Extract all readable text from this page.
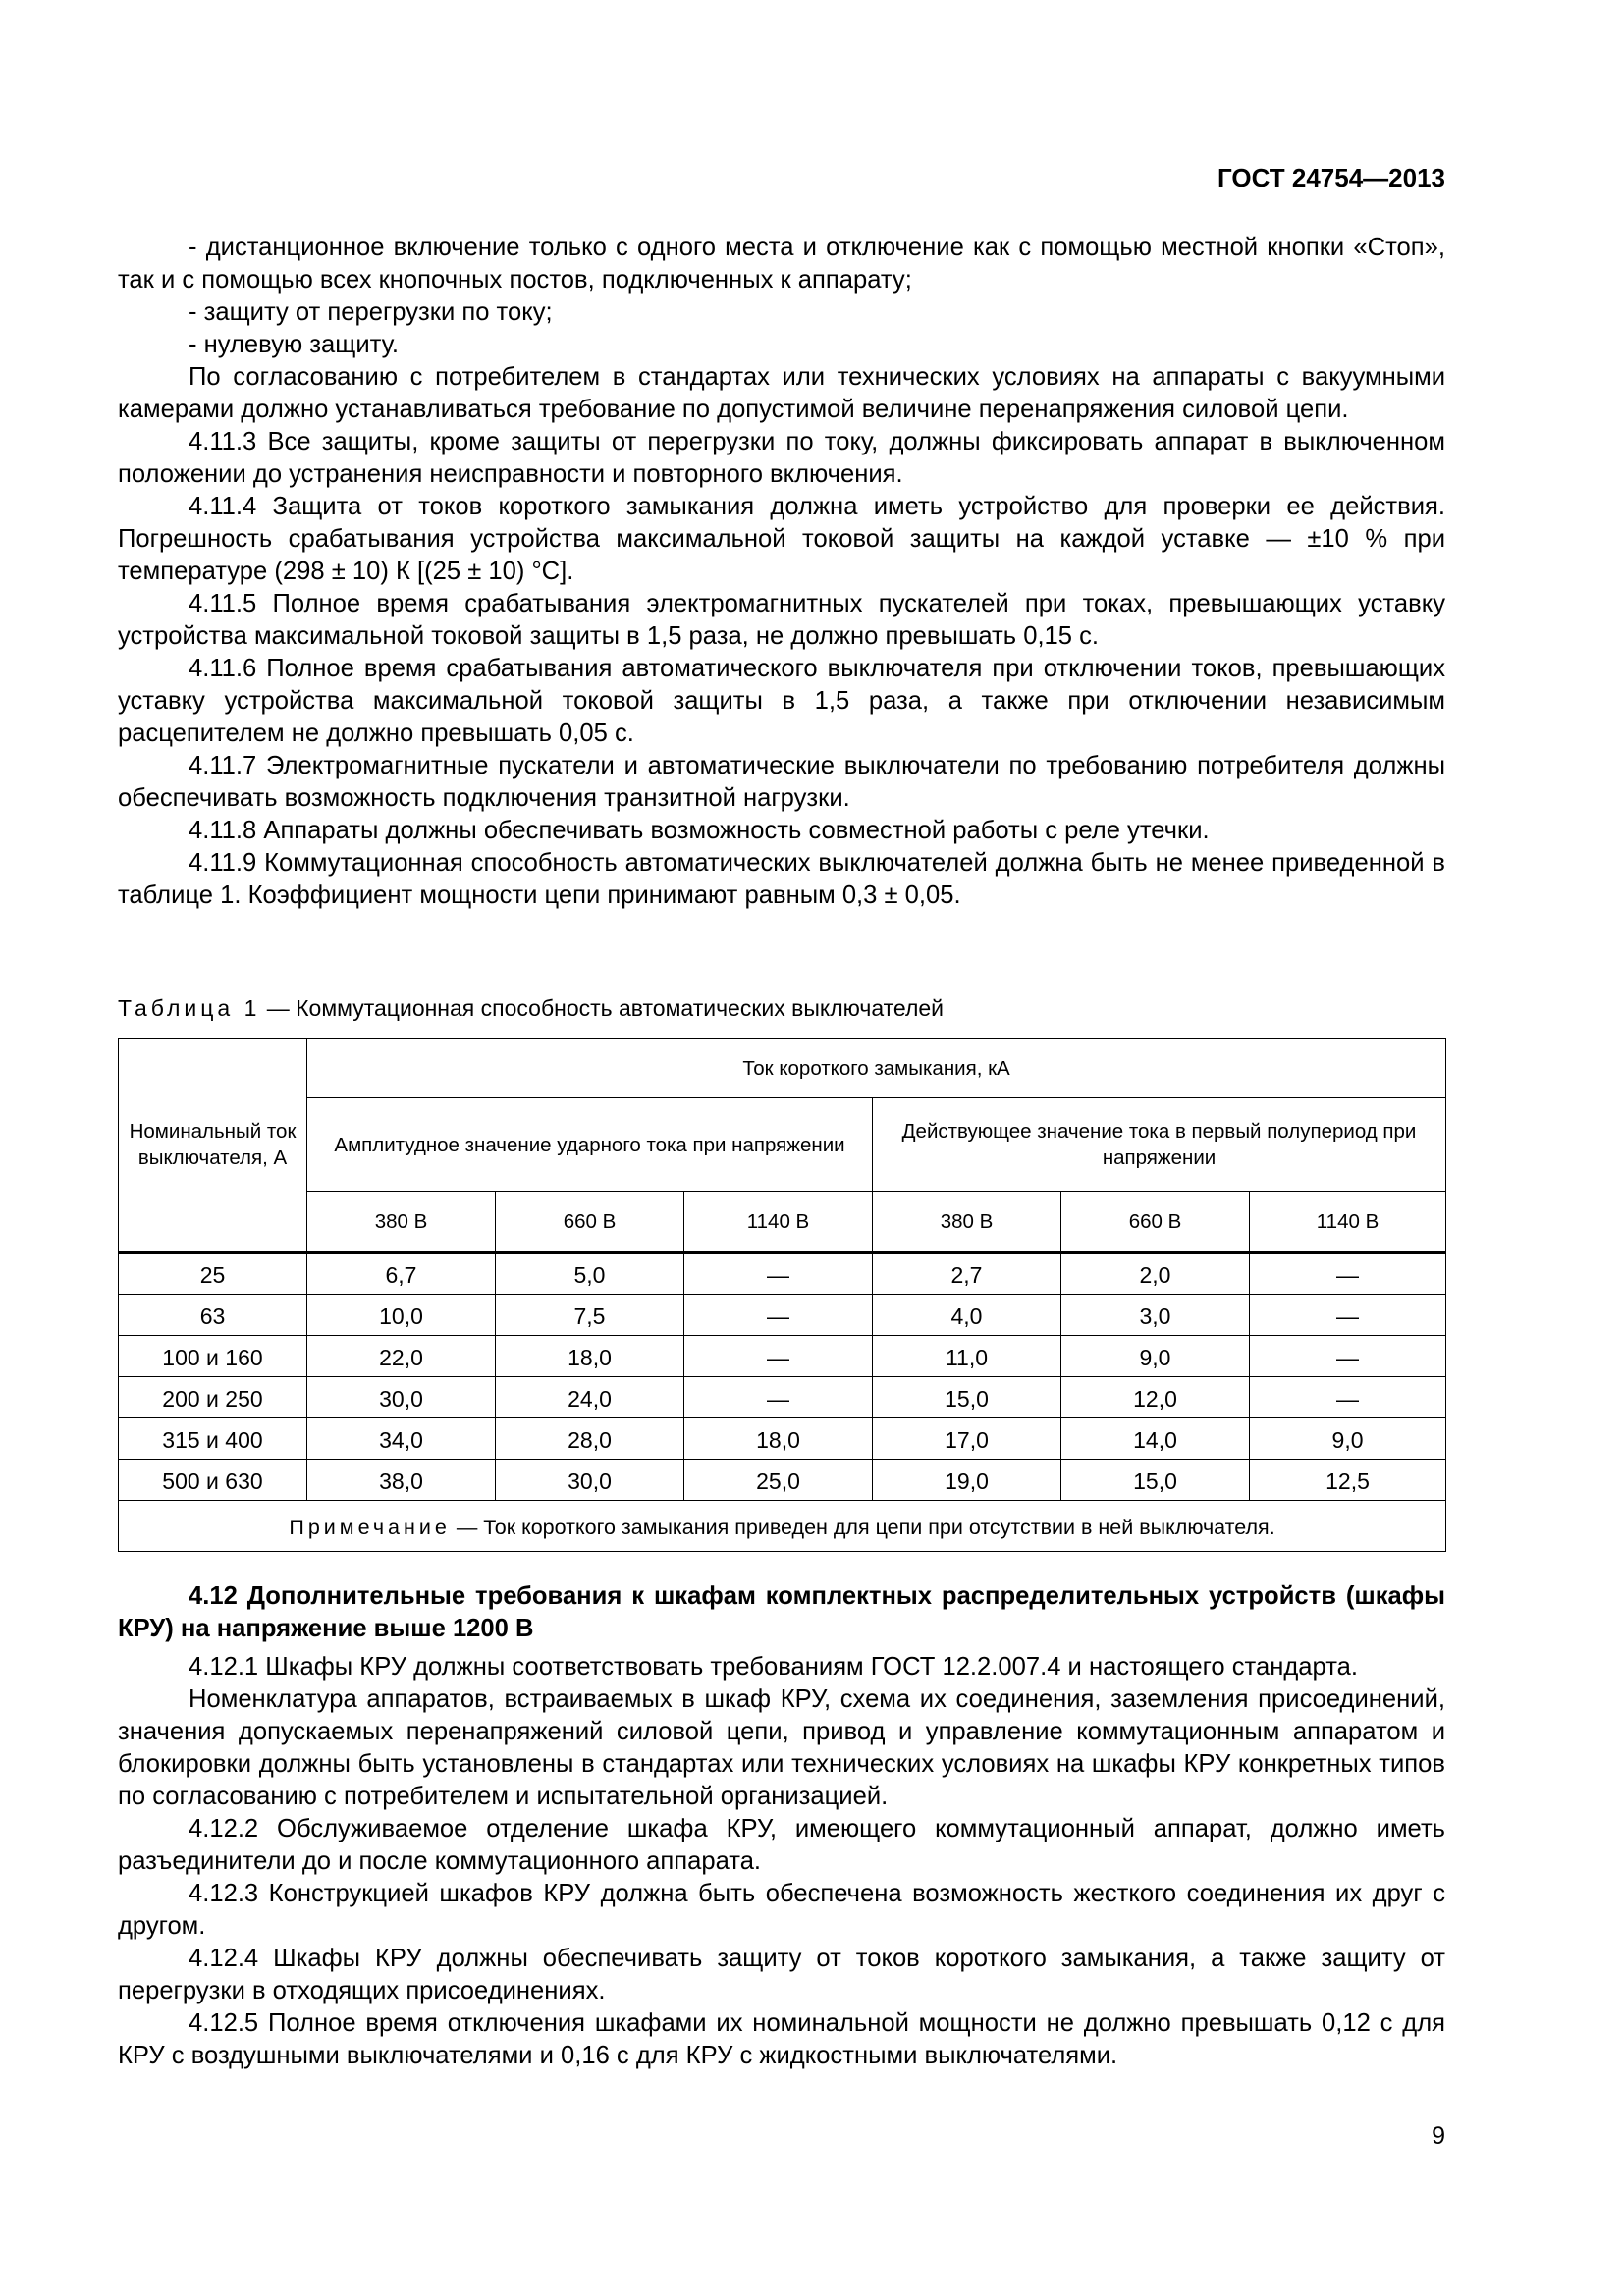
ГОСТ 24754—2013

- дистанционное включение только с одного места и отключение как с помощью местной кнопки «Стоп», так и с помощью всех кнопочных постов, подключенных к аппарату;

- защиту от перегрузки по току;

- нулевую защиту.

По согласованию с потребителем в стандартах или технических условиях на аппараты с вакуумными камерами должно устанавливаться требование по допустимой величине перенапряжения силовой цепи.

4.11.3 Все защиты, кроме защиты от перегрузки по току, должны фиксировать аппарат в выключенном положении до устранения неисправности и повторного включения.

4.11.4 Защита от токов короткого замыкания должна иметь устройство для проверки ее действия. Погрешность срабатывания устройства максимальной токовой защиты на каждой уставке — ±10 % при температуре (298 ± 10) К [(25 ± 10) °С].

4.11.5 Полное время срабатывания электромагнитных пускателей при токах, превышающих уставку устройства максимальной токовой защиты в 1,5 раза, не должно превышать 0,15 с.

4.11.6 Полное время срабатывания автоматического выключателя при отключении токов, превышающих уставку устройства максимальной токовой защиты в 1,5 раза, а также при отключении независимым расцепителем не должно превышать 0,05 с.

4.11.7 Электромагнитные пускатели и автоматические выключатели по требованию потребителя должны обеспечивать возможность подключения транзитной нагрузки.

4.11.8 Аппараты должны обеспечивать возможность совместной работы с реле утечки.

4.11.9 Коммутационная способность автоматических выключателей должна быть не менее приведенной в таблице 1. Коэффициент мощности цепи принимают равным 0,3 ± 0,05.

Таблица 1 — Коммутационная способность автоматических выключателей
Номинальный ток выключателя, А	Ток короткого замыкания, кА					
	Амплитудное значение ударного тока при напряжении			Действующее значение тока в первый полупериод при напряжении		
	380 В	660 В	1140 В	380 В	660 В	1140 В
25	6,7	5,0	—	2,7	2,0	—
63	10,0	7,5	—	4,0	3,0	—
100 и 160	22,0	18,0	—	11,0	9,0	—
200 и 250	30,0	24,0	—	15,0	12,0	—
315 и 400	34,0	28,0	18,0	17,0	14,0	9,0
500 и 630	38,0	30,0	25,0	19,0	15,0	12,5
Примечание — Ток короткого замыкания приведен для цепи при отсутствии в ней выключателя.						

4.12 Дополнительные требования к шкафам комплектных распределительных устройств (шкафы КРУ) на напряжение выше 1200 В

4.12.1 Шкафы КРУ должны соответствовать требованиям ГОСТ 12.2.007.4 и настоящего стандарта.

Номенклатура аппаратов, встраиваемых в шкаф КРУ, схема их соединения, заземления присоединений, значения допускаемых перенапряжений силовой цепи, привод и управление коммутационным аппаратом и блокировки должны быть установлены в стандартах или технических условиях на шкафы КРУ конкретных типов по согласованию с потребителем и испытательной организацией.

4.12.2 Обслуживаемое отделение шкафа КРУ, имеющего коммутационный аппарат, должно иметь разъединители до и после коммутационного аппарата.

4.12.3 Конструкцией шкафов КРУ должна быть обеспечена возможность жесткого соединения их друг с другом.

4.12.4 Шкафы КРУ должны обеспечивать защиту от токов короткого замыкания, а также защиту от перегрузки в отходящих присоединениях.

4.12.5 Полное время отключения шкафами их номинальной мощности не должно превышать 0,12 с для КРУ с воздушными выключателями и 0,16 с для КРУ с жидкостными выключателями.

9
